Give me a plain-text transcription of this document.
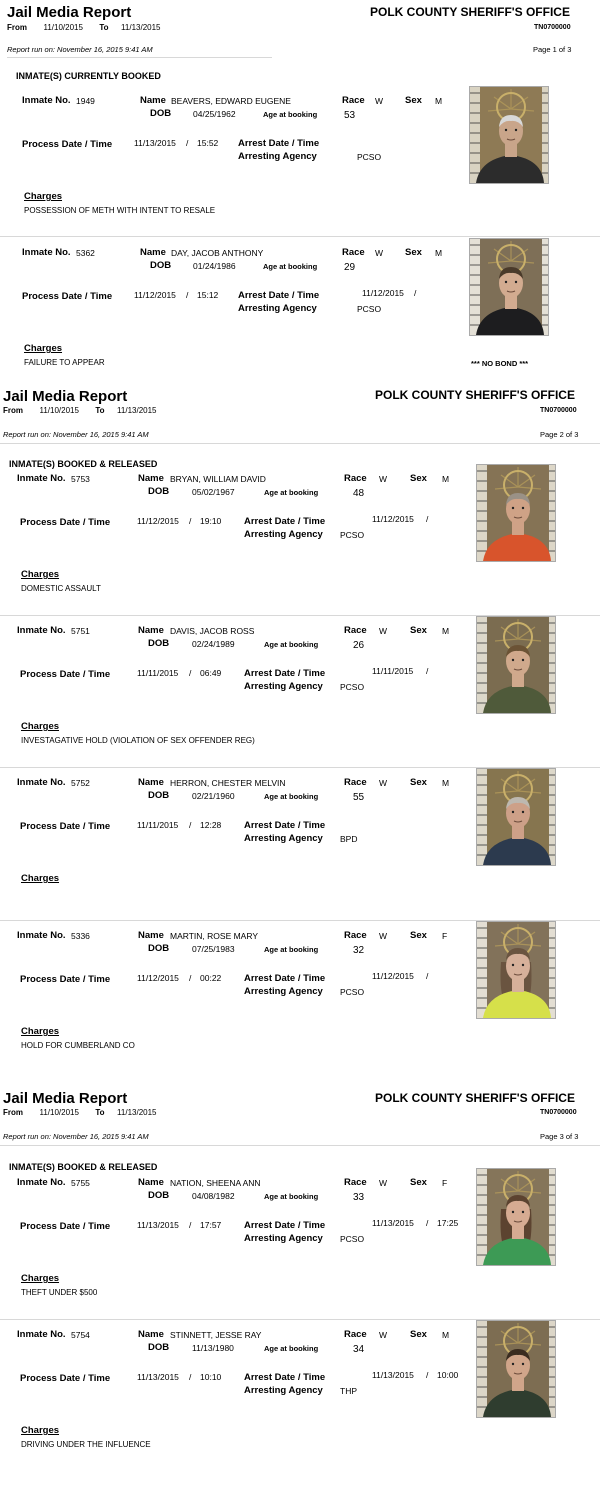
Jail Media Report	POLK COUNTY SHERIFF'S OFFICE
From 11/10/2015 To 11/13/2015	TN0700000
Report run on: November 16, 2015 9:41 AM	Page 1 of 3
INMATE(S) CURRENTLY BOOKED
Jail Media Report	POLK COUNTY SHERIFF'S OFFICE
From 11/10/2015 To 11/13/2015	TN0700000
Report run on: November 16, 2015 9:41 AM	Page 2 of 3
INMATE(S) BOOKED & RELEASED
Jail Media Report	POLK COUNTY SHERIFF'S OFFICE
From 11/10/2015 To 11/13/2015	TN0700000
Report run on: November 16, 2015 9:41 AM	Page 3 of 3
INMATE(S) BOOKED & RELEASED
Inmate No. 1949	Name BEAVERS, EDWARD EUGENE	Race W Sex M
DOB	04/25/1962	Age at booking	53
Process Date / Time	11/13/2015 / 15:52 Arrest Date / Time
Arresting Agency	PCSO
Charges
POSSESSION OF METH WITH INTENT TO RESALE
Inmate No. 5362	Name DAY, JACOB ANTHONY	Race W Sex M
DOB	01/24/1986	Age at booking	29
Process Date / Time	11/12/2015 / 15:12 Arrest Date / Time	11/12/2015 /
Arresting Agency	PCSO
Charges
FAILURE TO APPEAR	*** NO BOND ***
Inmate No. 5753	Name BRYAN, WILLIAM DAVID	Race W Sex M
DOB	05/02/1967	Age at booking	48
Process Date / Time	11/12/2015 / 19:10 Arrest Date / Time	11/12/2015 /
Arresting Agency PCSO
Charges
DOMESTIC ASSAULT
Inmate No. 5751	Name DAVIS, JACOB ROSS	Race W Sex M
DOB	02/24/1989	Age at booking	26
Process Date / Time	11/11/2015 / 06:49 Arrest Date / Time	11/11/2015 /
Arresting Agency PCSO
Charges
INVESTAGATIVE HOLD (VIOLATION OF SEX OFFENDER REG)
Inmate No. 5752	Name HERRON, CHESTER MELVIN	Race W Sex M
DOB	02/21/1960	Age at booking	55
Process Date / Time	11/11/2015 / 12:28 Arrest Date / Time
Arresting Agency BPD
Charges
Inmate No. 5336	Name MARTIN, ROSE MARY	Race W Sex F
DOB	07/25/1983	Age at booking	32
Process Date / Time	11/12/2015 / 00:22 Arrest Date / Time	11/12/2015 /
Arresting Agency PCSO
Charges
HOLD FOR CUMBERLAND CO
Inmate No. 5755	Name NATION, SHEENA ANN	Race W Sex F
DOB	04/08/1982	Age at booking	33
Process Date / Time	11/13/2015 / 17:57 Arrest Date / Time	11/13/2015 / 17:25
Arresting Agency PCSO
Charges
THEFT UNDER $500
Inmate No. 5754	Name STINNETT, JESSE RAY	Race W Sex M
DOB	11/13/1980	Age at booking	34
Process Date / Time	11/13/2015 / 10:10 Arrest Date / Time	11/13/2015 / 10:00
Arresting Agency THP
Charges
DRIVING UNDER THE INFLUENCE
